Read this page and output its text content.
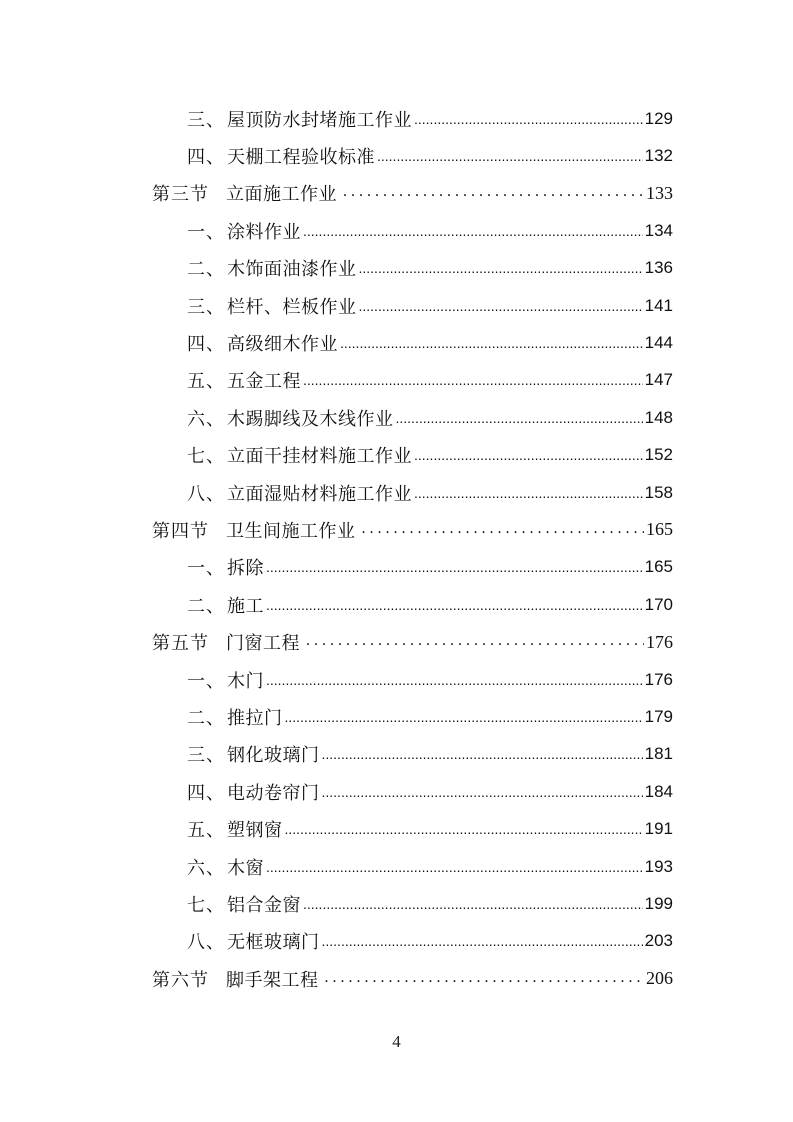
三、 屋顶防水封堵施工作业 .....	129
四、 天棚工程验收标准 .....	132
第三节 立面施工作业 . . .	133
一、 涂料作业 .....	134
二、 木饰面油漆作业 .....	136
三、 栏杆、栏板作业 .....	141
四、 高级细木作业 .....	144
五、 五金工程 .....	147
六、 木踢脚线及木线作业 .....	148
七、 立面干挂材料施工作业 .....	152
八、 立面湿贴材料施工作业 .....	158
第四节 卫生间施工作业 . . .	165
一、 拆除 .....	165
二、 施工 .....	170
第五节 门窗工程 . . .	176
一、 木门 .....	176
二、 推拉门 .....	179
三、 钢化玻璃门 .....	181
四、 电动卷帘门 .....	184
五、 塑钢窗 .....	191
六、 木窗 .....	193
七、 铝合金窗 .....	199
八、 无框玻璃门 .....	203
第六节 脚手架工程 . . .	206
4
